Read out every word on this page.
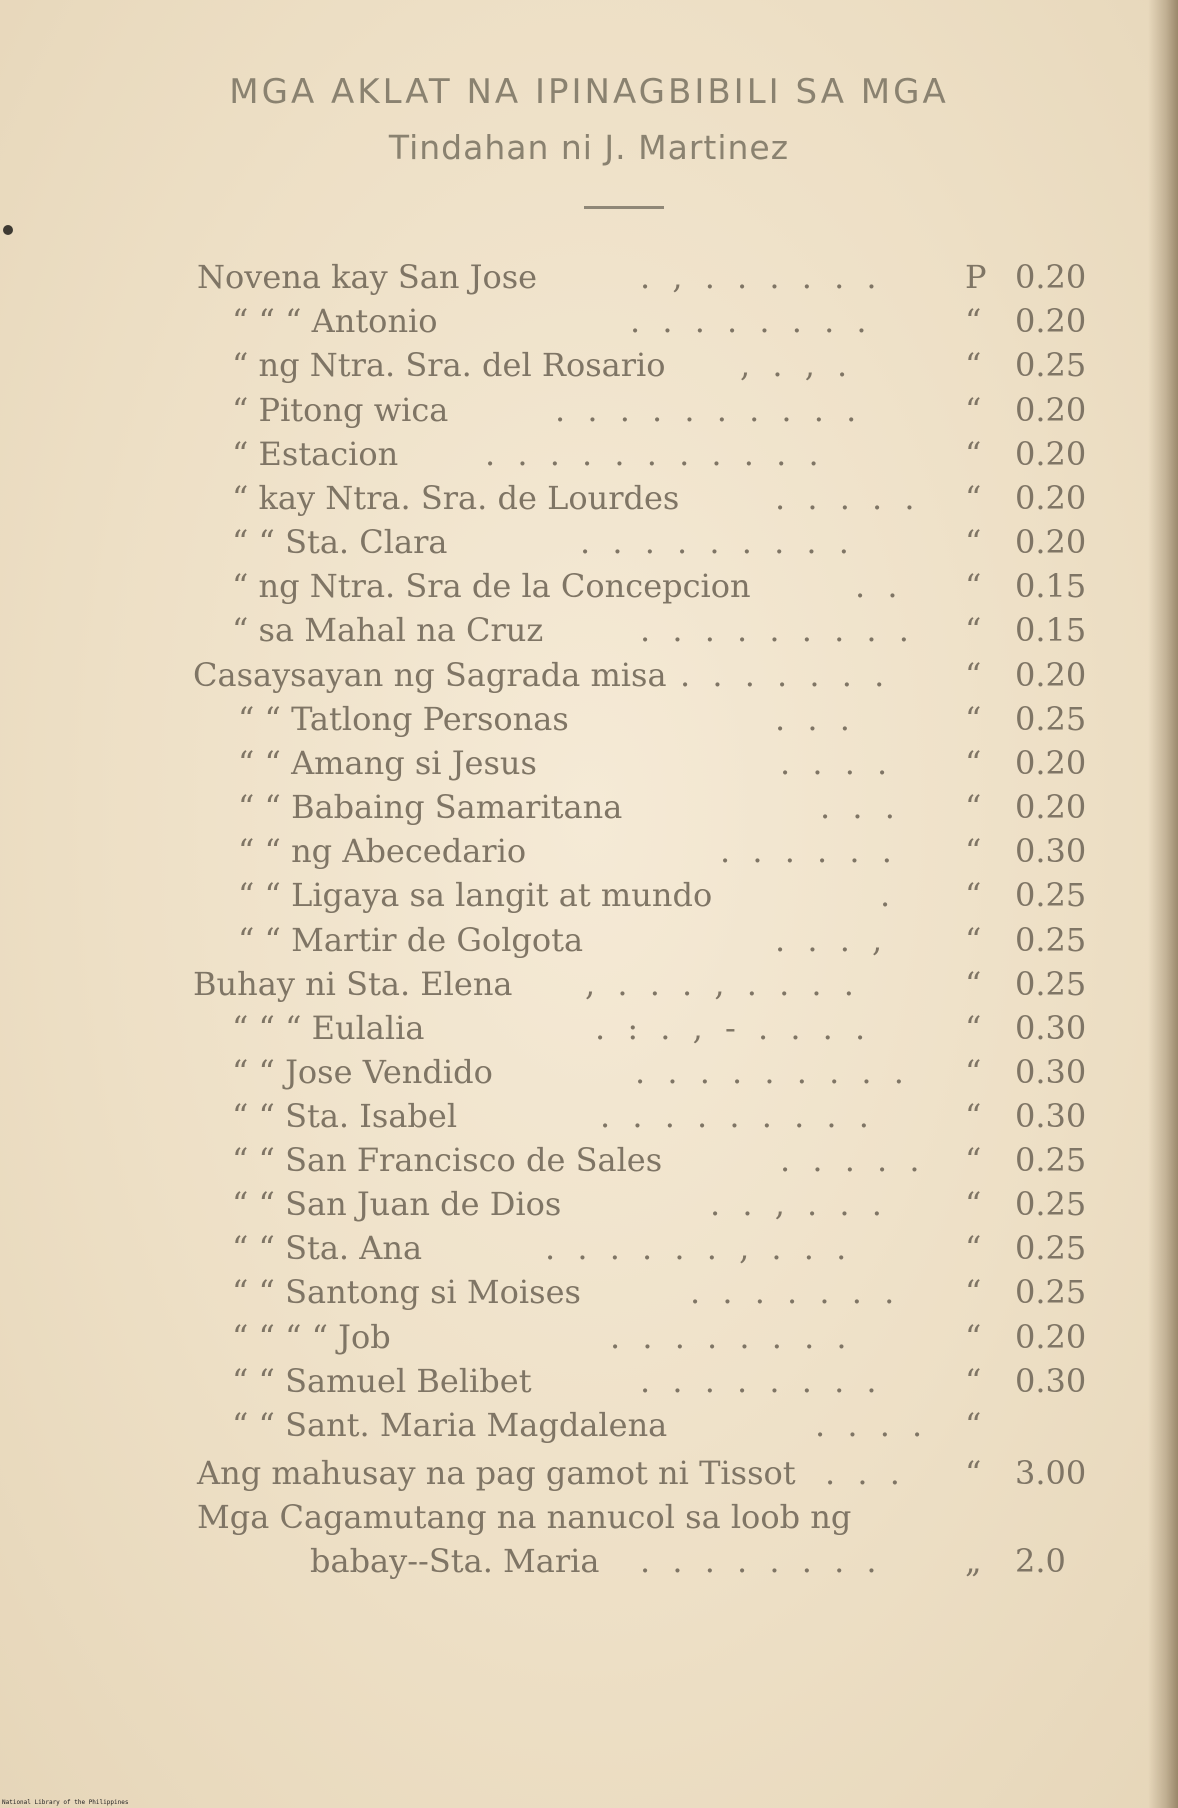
MGA AKLAT NA IPINAGBIBILI SA MGA
Tindahan ni J. Martinez
Novena kay San Jose	. , . . . . . .	P 0.20
“ “ “ Antonio	. . . . . . . .	“ 0.20
“ ng Ntra. Sra. del Rosario , . , .	“ 0.25
“ Pitong wica	. . . . . . . . . .	“ 0.20
“ Estacion	. . . . . . . . . . .	“ 0.20
“ kay Ntra. Sra. de Lourdes	. . . . . “ 0.20
“ “ Sta. Clara	. . . . . . . . .	“ 0.20
“ ng Ntra. Sra de la Concepcion	. . “ 0.15
“ sa Mahal na Cruz	. . . . . . . . . “ 0.15
Casaysayan ng Sagrada misa . . . . . . . “ 0.20
“ “ Tatlong Personas	. . .	“ 0.25
“ “ Amang si Jesus	. . . . “ 0.20
“ “ Babaing Samaritana	. . . “ 0.20
“ “ ng Abecedario	. . . . . . “ 0.30
“ “ Ligaya sa langit at mundo	. “ 0.25
“ “ Martir de Golgota	. . . , “ 0.25
Buhay ni Sta. Elena , . . . , . . . .	“ 0.25
“ “ “ Eulalia	. : . , - . . . .	“ 0.30
“ “ Jose Vendido	. . . . . . . . . “ 0.30
“ “ Sta. Isabel	. . . . . . . . .	“ 0.30
“ “ San Francisco de Sales	. . . . . “ 0.25
“ “ San Juan de Dios	. . , . . . “ 0.25
“ “ Sta. Ana	. . . . . . , . . .	“ 0.25
“ “ Santong si Moises	. . . . . . . “ 0.25
“ “ “ “ Job	. . . . . . . .	“ 0.20
“ “ Samuel Belibet	. . . . . . . .	“ 0.30
“ “ Sant. Maria Magdalena	. . . . “
Ang mahusay na pag gamot ni Tissot . . . “ 3.00
Mga Cagamutang na nanucol sa loob ng
babay--Sta. Maria . . . . . . . .	„ 2.0
National Library of the Philippines
